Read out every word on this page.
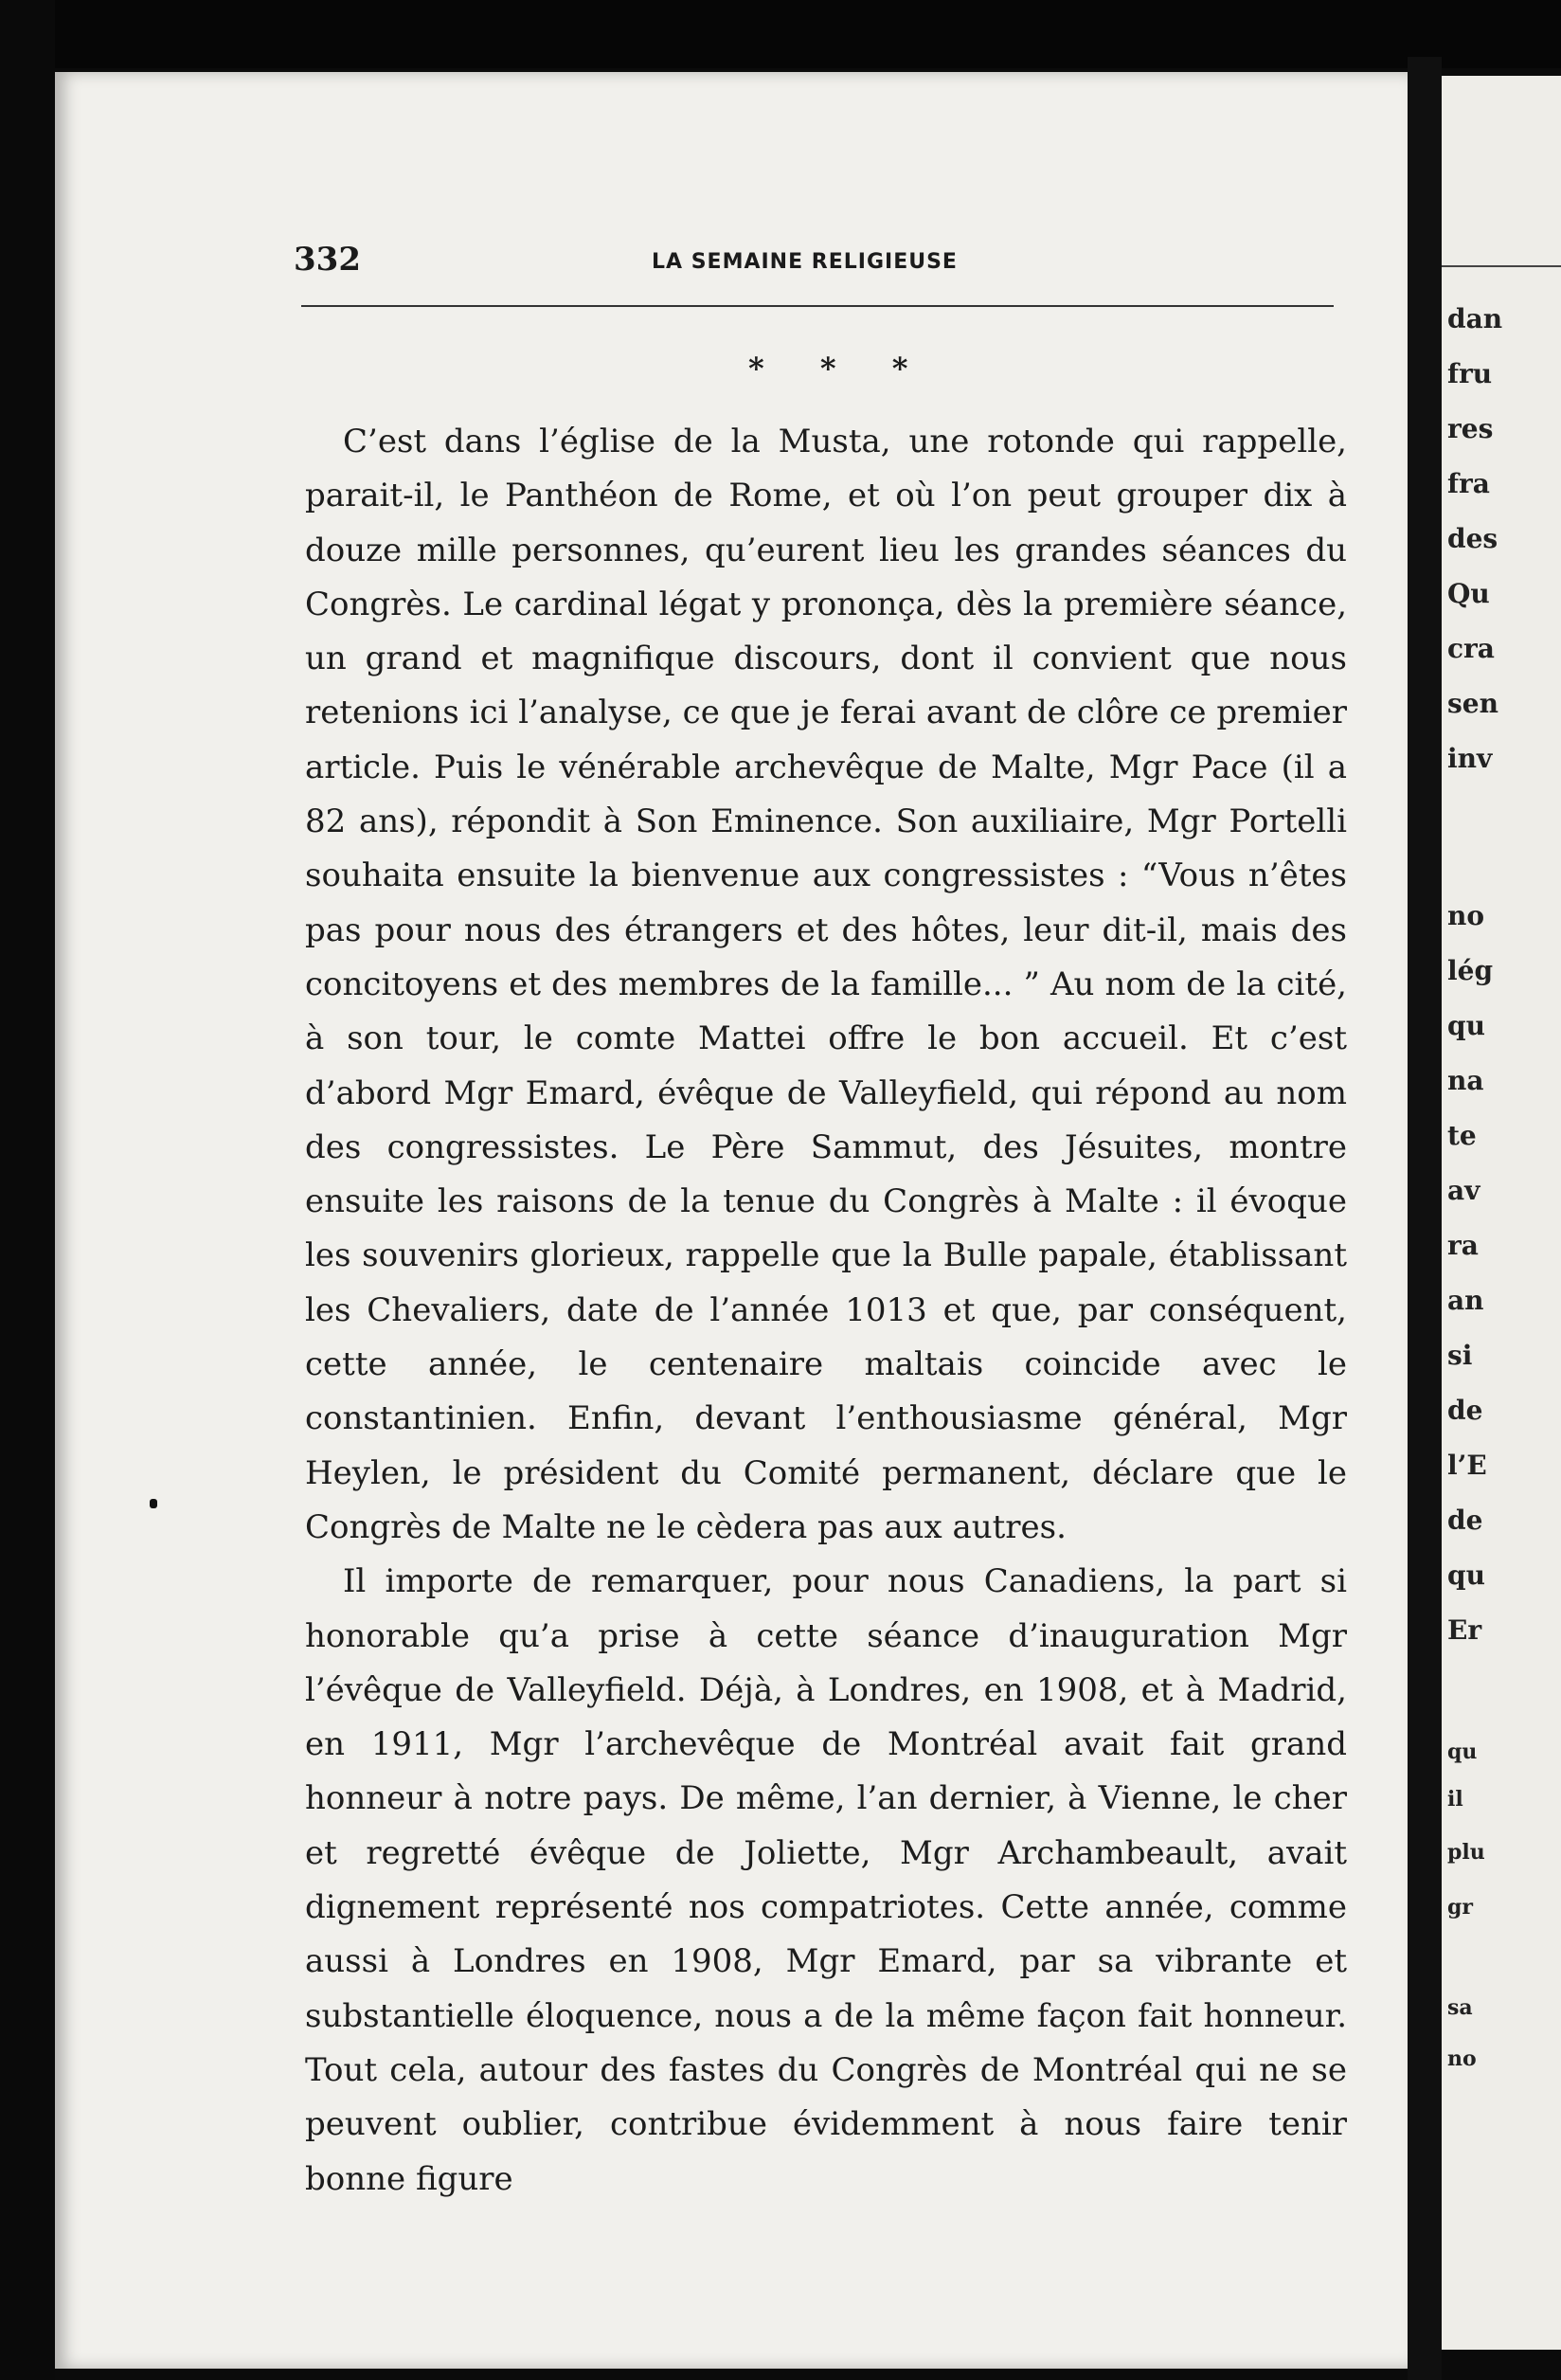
332	LA SEMAINE RELIGIEUSE
* * *

C’est dans l’église de la Musta, une rotonde qui rappelle, parait-il, le Panthéon de Rome, et où l’on peut grouper dix à douze mille personnes, qu’eurent lieu les grandes séances du Congrès. Le cardinal légat y prononça, dès la première séance, un grand et magnifique discours, dont il convient que nous retenions ici l’analyse, ce que je ferai avant de clôre ce premier article. Puis le vénérable archevêque de Malte, Mgr Pace (il a 82 ans), répondit à Son Eminence. Son auxiliaire, Mgr Portelli souhaita ensuite la bienvenue aux congressistes : “Vous n’êtes pas pour nous des étrangers et des hôtes, leur dit-il, mais des concitoyens et des membres de la famille... ” Au nom de la cité, à son tour, le comte Mattei offre le bon accueil. Et c’est d’abord Mgr Emard, évêque de Valleyfield, qui répond au nom des congressistes. Le Père Sammut, des Jésuites, montre ensuite les raisons de la tenue du Congrès à Malte : il évoque les souvenirs glorieux, rappelle que la Bulle papale, établissant les Chevaliers, date de l’année 1013 et que, par conséquent, cette année, le centenaire maltais coincide avec le constantinien. Enfin, devant l’enthousiasme général, Mgr Heylen, le président du Comité permanent, déclare que le Congrès de Malte ne le cèdera pas aux autres.

Il importe de remarquer, pour nous Canadiens, la part si honorable qu’a prise à cette séance d’inauguration Mgr l’évêque de Valleyfield. Déjà, à Londres, en 1908, et à Madrid, en 1911, Mgr l’archevêque de Montréal avait fait grand honneur à notre pays. De même, l’an dernier, à Vienne, le cher et regretté évêque de Joliette, Mgr Archambeault, avait dignement représenté nos compatriotes. Cette année, comme aussi à Londres en 1908, Mgr Emard, par sa vibrante et substantielle éloquence, nous a de la même façon fait honneur. Tout cela, autour des fastes du Congrès de Montréal qui ne se peuvent oublier, contribue évidemment à nous faire tenir bonne figure

dan
fru
res
fra
des
Qu
cra
sen
inv
no
lég
qu
na
te
av
ra
an
si
de
l’E
de
qu
Er
qu
il
plu
gr
sa
no
